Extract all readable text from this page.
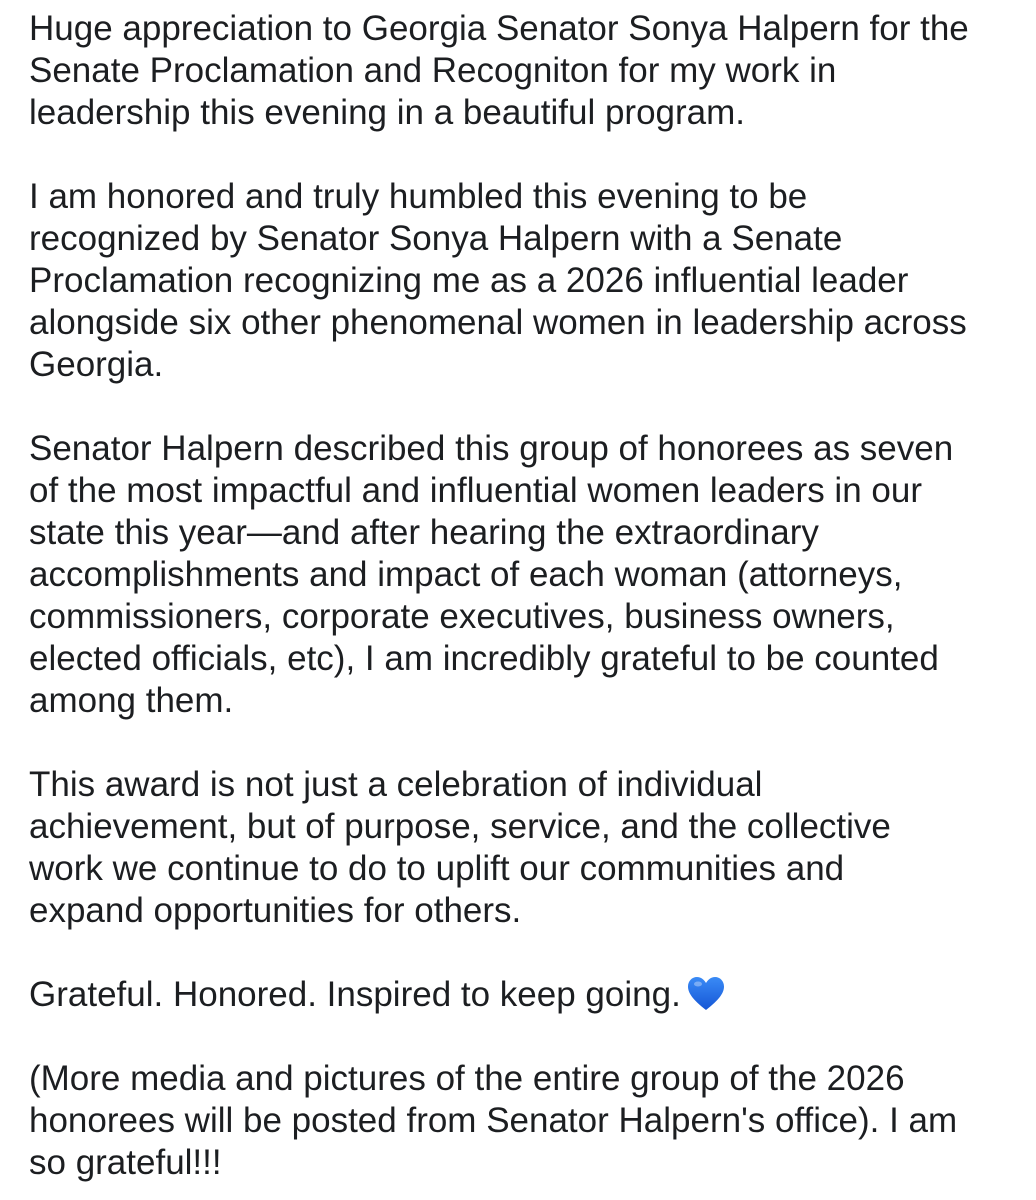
Huge appreciation to Georgia Senator Sonya Halpern for the
Senate Proclamation and Recogniton for my work in
leadership this evening in a beautiful program.

I am honored and truly humbled this evening to be
recognized by Senator Sonya Halpern with a Senate
Proclamation recognizing me as a 2026 influential leader
alongside six other phenomenal women in leadership across
Georgia.

Senator Halpern described this group of honorees as seven
of the most impactful and influential women leaders in our
state this year—and after hearing the extraordinary
accomplishments and impact of each woman (attorneys,
commissioners, corporate executives, business owners,
elected officials, etc), I am incredibly grateful to be counted
among them.

This award is not just a celebration of individual
achievement, but of purpose, service, and the collective
work we continue to do to uplift our communities and
expand opportunities for others.

Grateful. Honored. Inspired to keep going.

(More media and pictures of the entire group of the 2026
honorees will be posted from Senator Halpern's office). I am
so grateful!!!
